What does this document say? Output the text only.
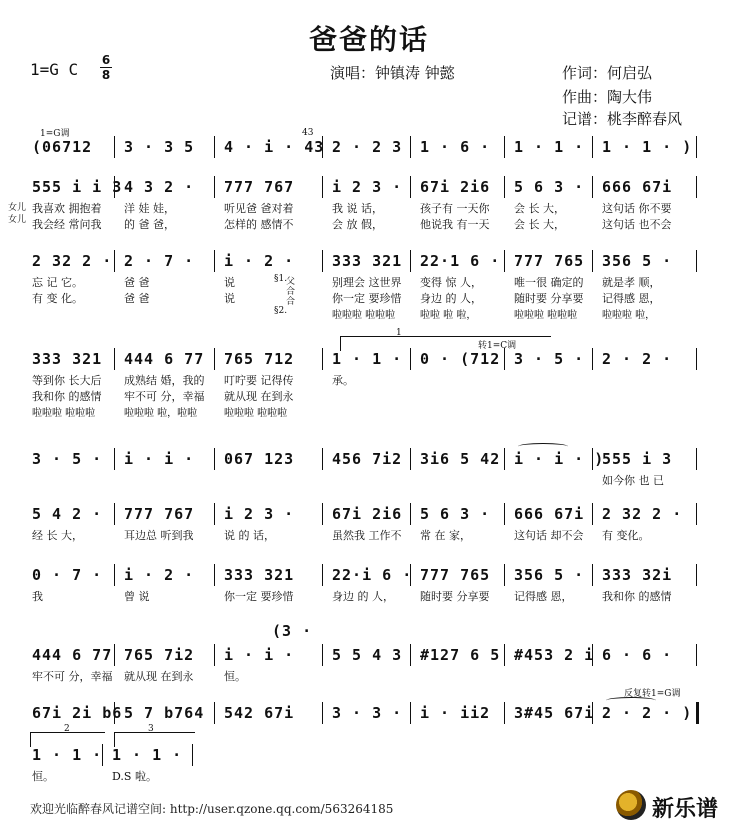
爸爸的话
1=G C 6
8	演唱：钟镇涛 钟懿	作词：何启弘
作曲：陶大伟
记谱：桃李醉春风
(06712 3 · 3 5 4 · i · 43 2 · 2 3 1 · 6 · 1 · 1 · 1 · 1 · )
1=G调	43
555 i i 3 4 3 2 · 777 767	i 2 3 · 67i 2i6 5 6 3 · 666 67i
女儿
女儿
我喜欢 拥抱着 洋 娃 娃，	听见爸 爸对着	我 说 话，	孩子有 一天你 会 长 大，	这句话 你不要
我会经 常问我 的 爸 爸，	怎样的 感情不	会 放 假，	他说我 有一天 会 长 大，	这句话 也不会
2 32 2 · 2 · 7 · i · 2 ·	333 321 22·1 6 · 777 765 356 5 ·
父
合
合
忘 记 它。	爸 爸	说	别理会 这世界 变得 惊 人，	唯一很 确定的 就是孝 顺，
有 变 化。	爸 爸	说	你一定 要珍惜 身边 的 人，	随时要 分享要 记得感 恩，
啦啦啦 啦啦啦 啦啦 啦 啦，	啦啦啦 啦啦啦 啦啦啦 啦，
§1.
§2.
333 321 444 6 77 765 712	1 · 1 · 0 · (712 3 · 5 · 2 · 2 ·
等到你 长大后 成熟结 婚，我的 叮咛要 记得传	承。
我和你 的感情 牢不可 分，幸福 就从现 在到永
啦啦啦 啦啦啦	啦啦啦 啦，啦啦	啦啦啦 啦啦啦
1
转1=C调
3 · 5 · i · i · 067 123	456 7i2 3i6 5 42 i · i · )
555 i 3
如今你 也 已
5 4 2 · 777 767 i 2 3 ·	67i 2i6 5 6 3 · 666 67i 2 32 2 ·
经 长 大，	耳边总 听到我	说 的 话，	虽然我 工作不 常 在 家，	这句话 却不会 有 变化。
0 · 7 · i · 2 · 333 321	22·i 6 · 777 765 356 5 · 333 32i
我	曾 说	你一定 要珍惜	身边 的 人， 随时要 分享要 记得感 恩，	我和你 的感情
444 6 77 765 7i2 i · i ·	5 5 4 3 #127 6 5 #453 2 i 6 · 6 ·
牢不可 分，幸福 就从现 在到永	恒。
(3 ·
67i 2i b6 5 7 b764 542 67i	3 · 3 · i · ii2 3#45 67i 2 · 2 · )
反复转1=G调
1 · 1 · 1 · 1 ·
恒。	D.S 啦。
2	3
欢迎光临醉春风记谱空间: http://user.qzone.qq.com/563264185	新乐谱
